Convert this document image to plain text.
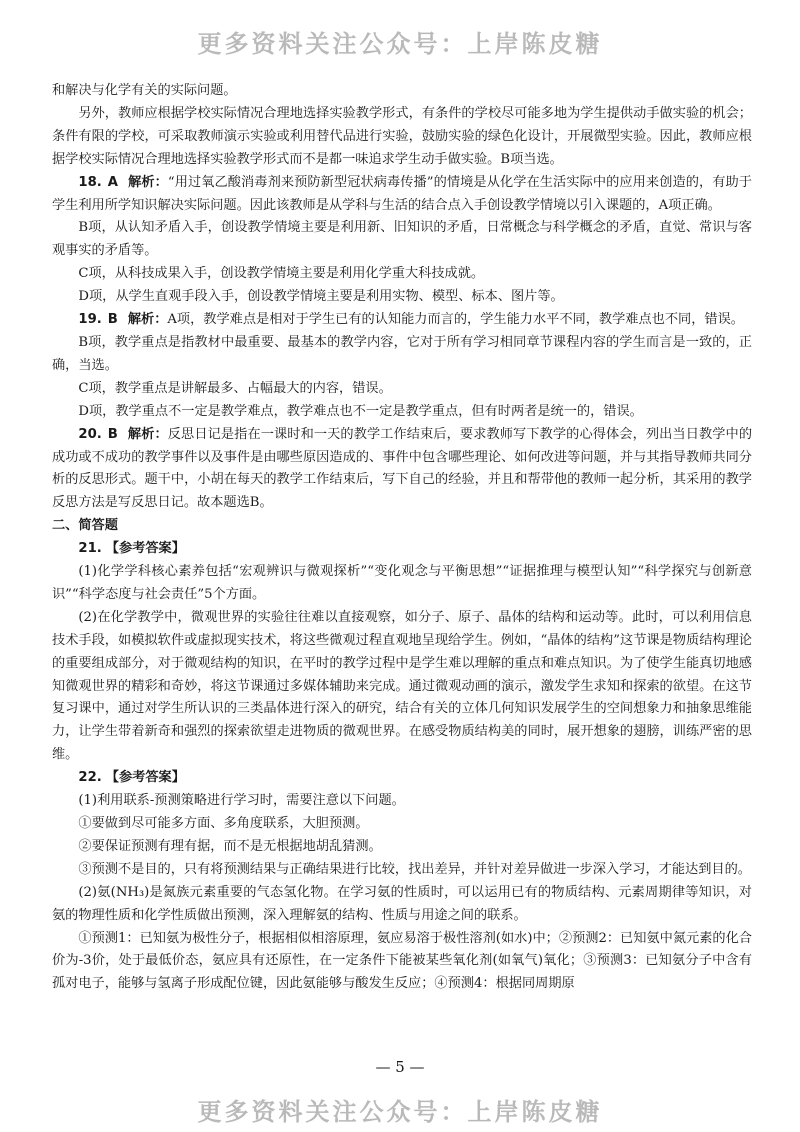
更多资料关注公众号：上岸陈皮糖

和解决与化学有关的实际问题。

另外，教师应根据学校实际情况合理地选择实验教学形式，有条件的学校尽可能多地为学生提供动手做实验的机会；条件有限的学校，可采取教师演示实验或利用替代品进行实验，鼓励实验的绿色化设计，开展微型实验。因此，教师应根据学校实际情况合理地选择实验教学形式而不是都一味追求学生动手做实验。B项当选。

18. A 解析：“用过氧乙酸消毒剂来预防新型冠状病毒传播”的情境是从化学在生活实际中的应用来创造的，有助于学生利用所学知识解决实际问题。因此该教师是从学科与生活的结合点入手创设教学情境以引入课题的，A项正确。

B项，从认知矛盾入手，创设教学情境主要是利用新、旧知识的矛盾，日常概念与科学概念的矛盾，直觉、常识与客观事实的矛盾等。

C项，从科技成果入手，创设教学情境主要是利用化学重大科技成就。

D项，从学生直观手段入手，创设教学情境主要是利用实物、模型、标本、图片等。

19. B 解析：A项，教学难点是相对于学生已有的认知能力而言的，学生能力水平不同，教学难点也不同，错误。

B项，教学重点是指教材中最重要、最基本的教学内容，它对于所有学习相同章节课程内容的学生而言是一致的，正确，当选。

C项，教学重点是讲解最多、占幅最大的内容，错误。

D项，教学重点不一定是教学难点，教学难点也不一定是教学重点，但有时两者是统一的，错误。

20. B 解析：反思日记是指在一课时和一天的教学工作结束后，要求教师写下教学的心得体会，列出当日教学中的成功或不成功的教学事件以及事件是由哪些原因造成的、事件中包含哪些理论、如何改进等问题，并与其指导教师共同分析的反思形式。题干中，小胡在每天的教学工作结束后，写下自己的经验，并且和帮带他的教师一起分析，其采用的教学反思方法是写反思日记。故本题选B。

二、简答题

21. 【参考答案】

(1)化学学科核心素养包括“宏观辨识与微观探析”“变化观念与平衡思想”“证据推理与模型认知”“科学探究与创新意识”“科学态度与社会责任”5个方面。

(2)在化学教学中，微观世界的实验往往难以直接观察，如分子、原子、晶体的结构和运动等。此时，可以利用信息技术手段，如模拟软件或虚拟现实技术，将这些微观过程直观地呈现给学生。例如，“晶体的结构”这节课是物质结构理论的重要组成部分，对于微观结构的知识，在平时的教学过程中是学生难以理解的重点和难点知识。为了使学生能真切地感知微观世界的精彩和奇妙，将这节课通过多媒体辅助来完成。通过微观动画的演示，激发学生求知和探索的欲望。在这节复习课中，通过对学生所认识的三类晶体进行深入的研究，结合有关的立体几何知识发展学生的空间想象力和抽象思维能力，让学生带着新奇和强烈的探索欲望走进物质的微观世界。在感受物质结构美的同时，展开想象的翅膀，训练严密的思维。

22. 【参考答案】

(1)利用联系-预测策略进行学习时，需要注意以下问题。

①要做到尽可能多方面、多角度联系，大胆预测。

②要保证预测有理有据，而不是无根据地胡乱猜测。

③预测不是目的，只有将预测结果与正确结果进行比较，找出差异，并针对差异做进一步深入学习，才能达到目的。

(2)氨(NH₃)是氮族元素重要的气态氢化物。在学习氨的性质时，可以运用已有的物质结构、元素周期律等知识，对氨的物理性质和化学性质做出预测，深入理解氨的结构、性质与用途之间的联系。

①预测1：已知氨为极性分子，根据相似相溶原理，氨应易溶于极性溶剂(如水)中；②预测2：已知氨中氮元素的化合价为-3价，处于最低价态，氨应具有还原性，在一定条件下能被某些氧化剂(如氧气)氧化；③预测3：已知氨分子中含有孤对电子，能够与氢离子形成配位键，因此氨能够与酸发生反应；④预测4：根据同周期原

— 5 —
更多资料关注公众号：上岸陈皮糖
